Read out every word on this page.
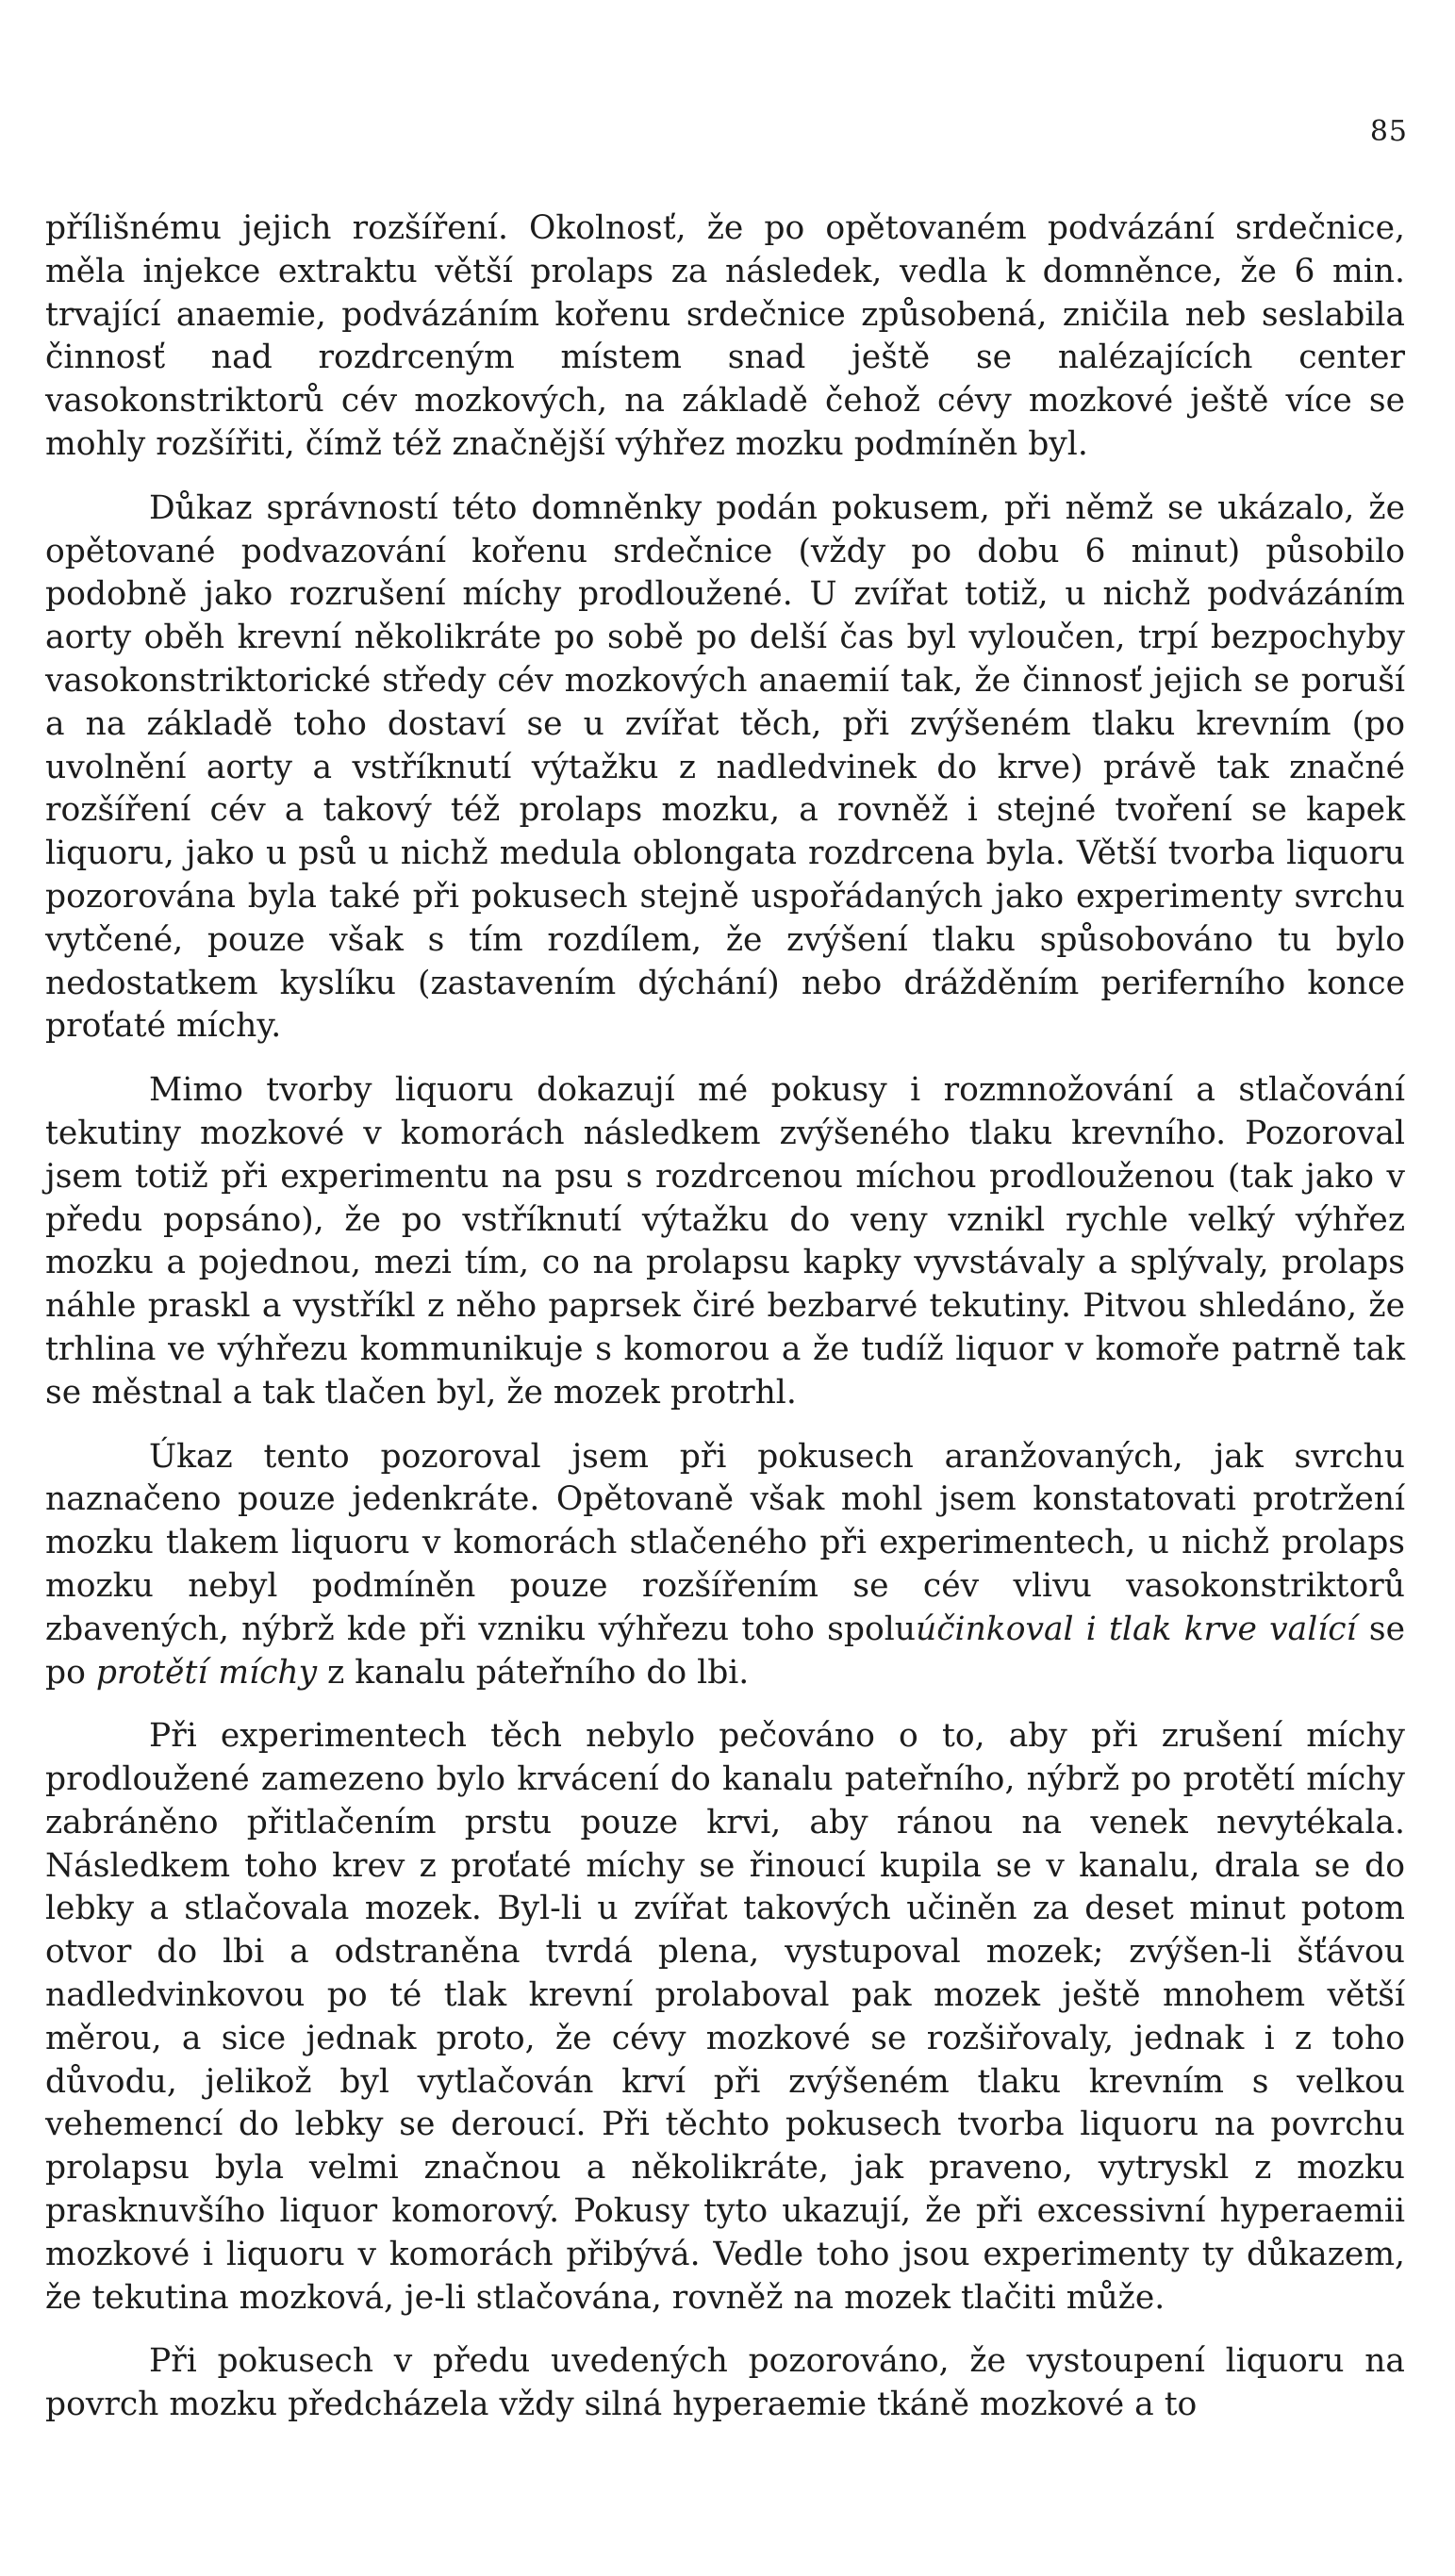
85

přílišnému jejich rozšíření. Okolnosť, že po opětovaném podvázání srdečnice, měla injekce extraktu větší prolaps za následek, vedla k domněnce, že 6 min. trvající anaemie, podvázáním kořenu srdečnice způsobená, zničila neb seslabila činnosť nad rozdrceným místem snad ještě se nalézajících center vasokonstriktorů cév mozkových, na základě čehož cévy mozkové ještě více se mohly rozšířiti, čímž též značnější výhřez mozku podmíněn byl.

Důkaz správností této domněnky podán pokusem, při němž se ukázalo, že opětované podvazování kořenu srdečnice (vždy po dobu 6 minut) působilo podobně jako rozrušení míchy prodloužené. U zvířat totiž, u nichž podvázáním aorty oběh krevní několikráte po sobě po delší čas byl vyloučen, trpí bezpochyby vasokonstriktorické středy cév mozkových anaemií tak, že činnosť jejich se poruší a na základě toho dostaví se u zvířat těch, při zvýšeném tlaku krevním (po uvolnění aorty a vstříknutí výtažku z nadledvinek do krve) právě tak značné rozšíření cév a takový též prolaps mozku, a rovněž i stejné tvoření se kapek liquoru, jako u psů u nichž medula oblongata rozdrcena byla. Větší tvorba liquoru pozorována byla také při pokusech stejně uspořádaných jako experimenty svrchu vytčené, pouze však s tím rozdílem, že zvýšení tlaku spůsobováno tu bylo nedostatkem kyslíku (zastavením dýchání) nebo drážděním periferního konce proťaté míchy.

Mimo tvorby liquoru dokazují mé pokusy i rozmnožování a stlačování tekutiny mozkové v komorách následkem zvýšeného tlaku krevního. Pozoroval jsem totiž při experimentu na psu s rozdrcenou míchou prodlouženou (tak jako v předu popsáno), že po vstříknutí výtažku do veny vznikl rychle velký výhřez mozku a pojednou, mezi tím, co na prolapsu kapky vyvstávaly a splývaly, prolaps náhle praskl a vystříkl z něho paprsek čiré bezbarvé tekutiny. Pitvou shledáno, že trhlina ve výhřezu kommunikuje s komorou a že tudíž liquor v komoře patrně tak se městnal a tak tlačen byl, že mozek protrhl.

Úkaz tento pozoroval jsem při pokusech aranžovaných, jak svrchu naznačeno pouze jedenkráte. Opětovaně však mohl jsem konstatovati protržení mozku tlakem liquoru v komorách stlačeného při experimentech, u nichž prolaps mozku nebyl podmíněn pouze rozšířením se cév vlivu vasokonstriktorů zbavených, nýbrž kde při vzniku výhřezu toho spoluúčinkoval i tlak krve valící se po protětí míchy z kanalu páteřního do lbi.

Při experimentech těch nebylo pečováno o to, aby při zrušení míchy prodloužené zamezeno bylo krvácení do kanalu pateřního, nýbrž po protětí míchy zabráněno přitlačením prstu pouze krvi, aby ránou na venek nevytékala. Následkem toho krev z proťaté míchy se řinoucí kupila se v kanalu, drala se do lebky a stlačovala mozek. Byl-li u zvířat takových učiněn za deset minut potom otvor do lbi a odstraněna tvrdá plena, vystupoval mozek; zvýšen-li šťávou nadledvinkovou po té tlak krevní prolaboval pak mozek ještě mnohem větší měrou, a sice jednak proto, že cévy mozkové se rozšiřovaly, jednak i z toho důvodu, jelikož byl vytlačován krví při zvýšeném tlaku krevním s velkou vehemencí do lebky se deroucí. Při těchto pokusech tvorba liquoru na povrchu prolapsu byla velmi značnou a několikráte, jak praveno, vytryskl z mozku prasknuvšího liquor komorový. Pokusy tyto ukazují, že při excessivní hyperaemii mozkové i liquoru v komorách přibývá. Vedle toho jsou experimenty ty důkazem, že tekutina mozková, je-li stlačována, rovněž na mozek tlačiti může.

Při pokusech v předu uvedených pozorováno, že vystoupení liquoru na povrch mozku předcházela vždy silná hyperaemie tkáně mozkové a to
